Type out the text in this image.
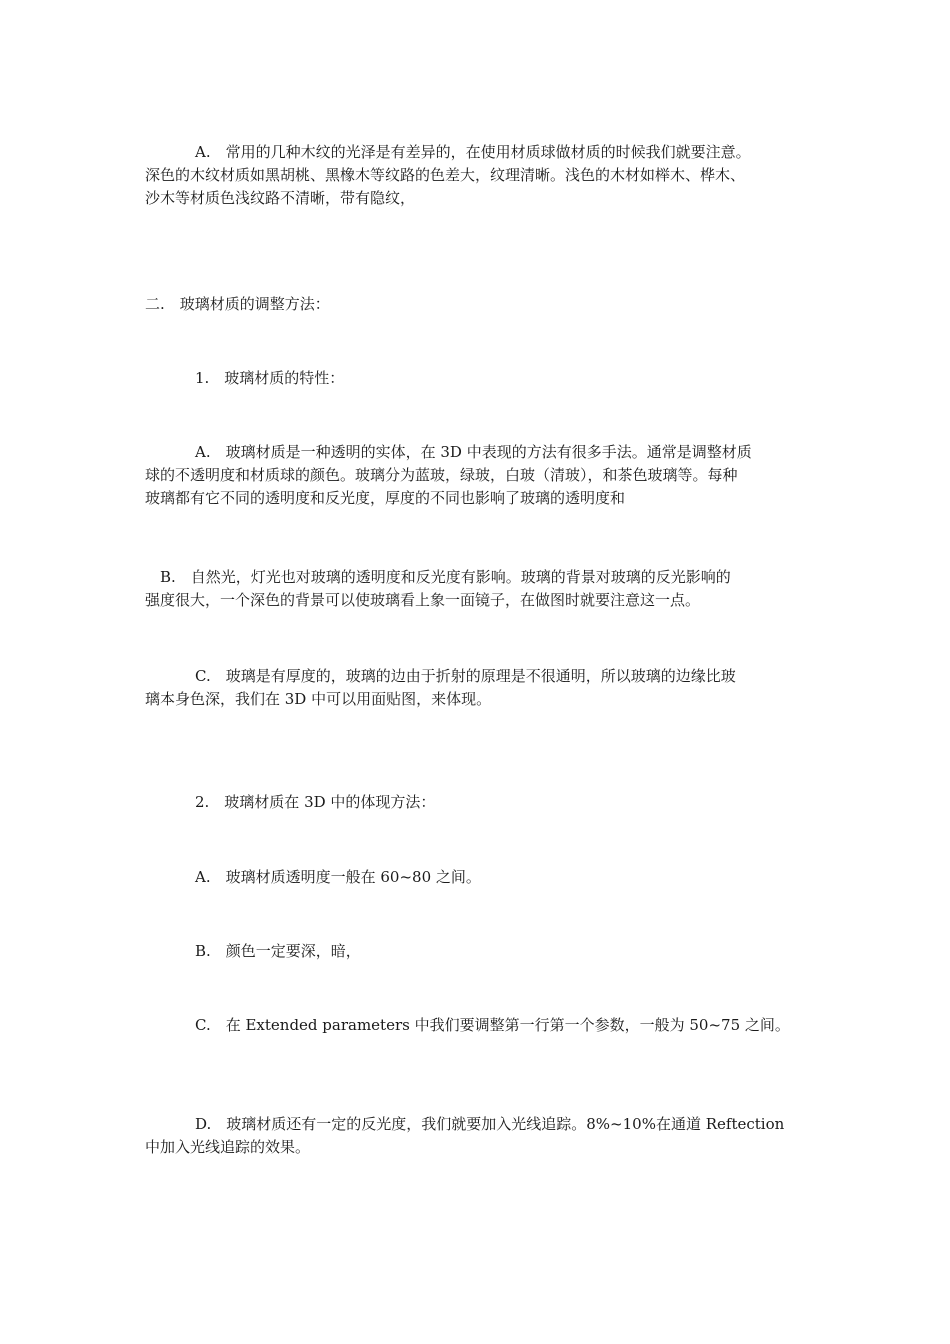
A.　常用的几种木纹的光泽是有差异的，在使用材质球做材质的时候我们就要注意。
深色的木纹材质如黑胡桃、黑橡木等纹路的色差大，纹理清晰。浅色的木材如榉木、桦木、
沙木等材质色浅纹路不清晰，带有隐纹，
二.　玻璃材质的调整方法：
1.　玻璃材质的特性：
A.　玻璃材质是一种透明的实体，在 3D 中表现的方法有很多手法。通常是调整材质
球的不透明度和材质球的颜色。玻璃分为蓝玻，绿玻，白玻（清玻），和茶色玻璃等。每种
玻璃都有它不同的透明度和反光度，厚度的不同也影响了玻璃的透明度和
B.　自然光，灯光也对玻璃的透明度和反光度有影响。玻璃的背景对玻璃的反光影响的
强度很大，一个深色的背景可以使玻璃看上象一面镜子，在做图时就要注意这一点。
C.　玻璃是有厚度的，玻璃的边由于折射的原理是不很通明，所以玻璃的边缘比玻
璃本身色深，我们在 3D 中可以用面贴图，来体现。
2.　玻璃材质在 3D 中的体现方法：
A.　玻璃材质透明度一般在 60~80 之间。
B.　颜色一定要深，暗，
C.　在 Extended parameters 中我们要调整第一行第一个参数，一般为 50~75 之间。
D.　玻璃材质还有一定的反光度，我们就要加入光线追踪。8%~10%在通道 Reftection
中加入光线追踪的效果。
